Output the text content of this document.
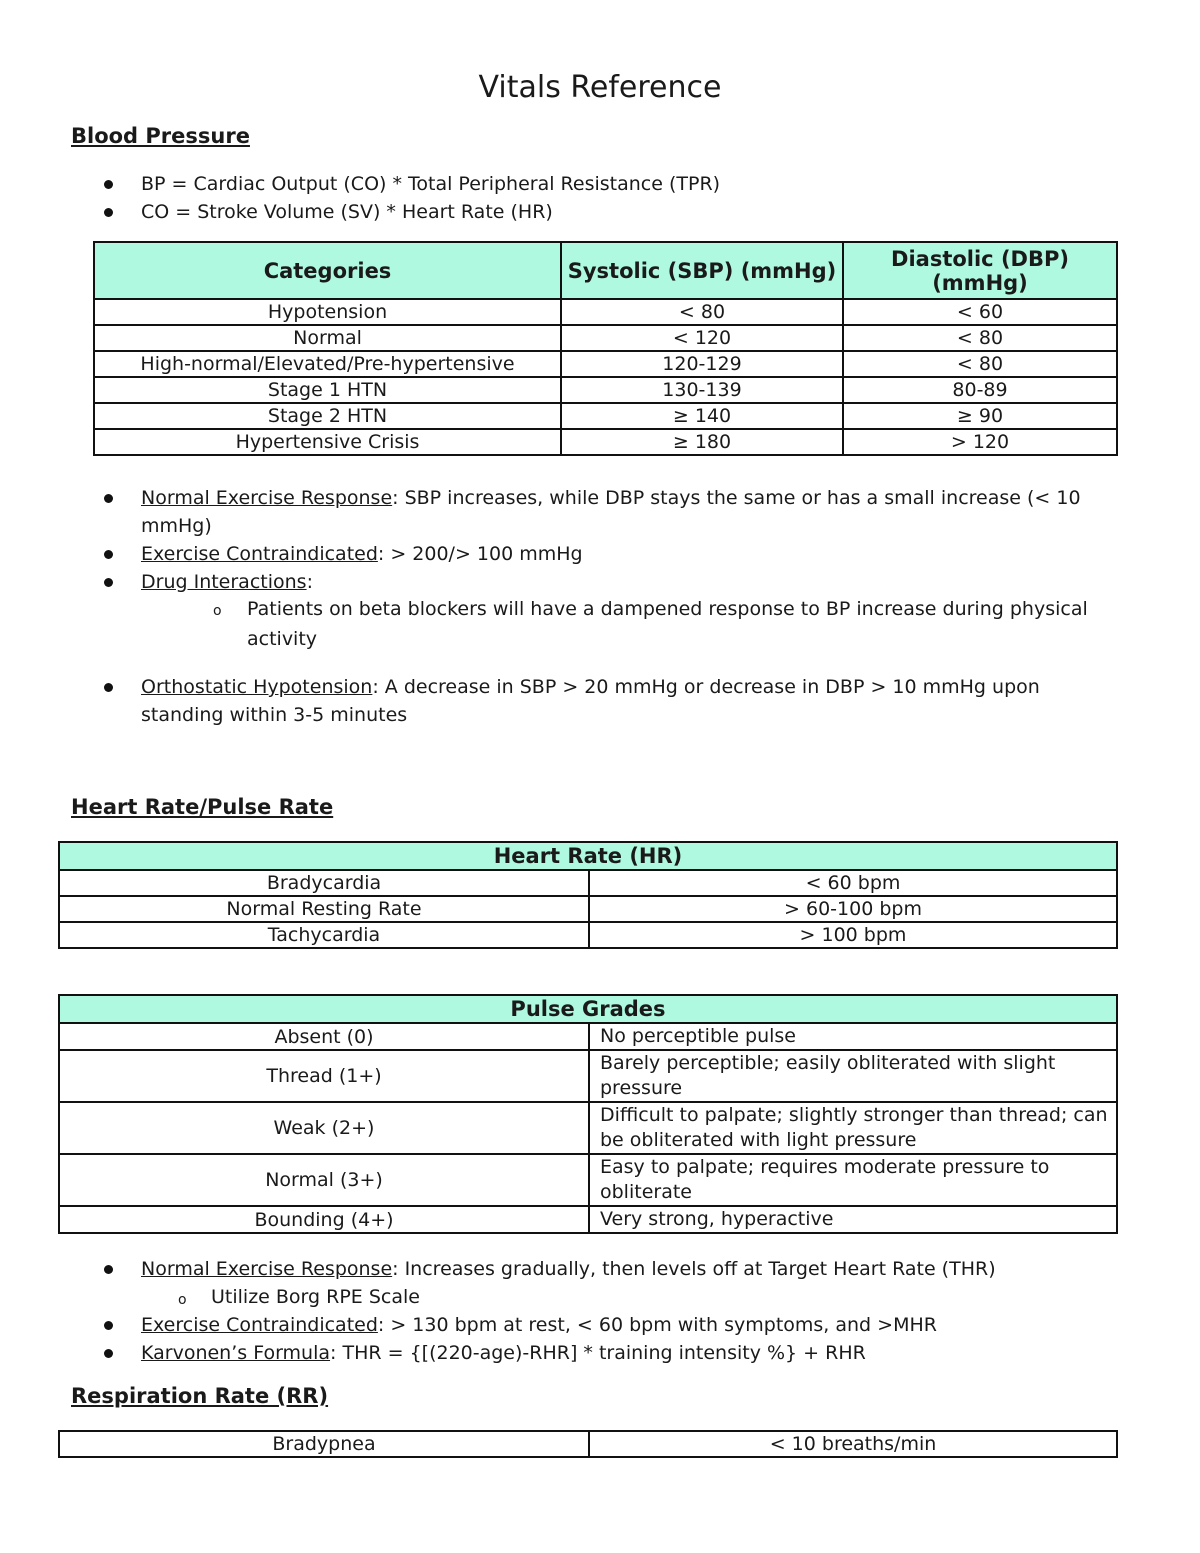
Vitals Reference
Blood Pressure
BP = Cardiac Output (CO) * Total Peripheral Resistance (TPR)
CO = Stroke Volume (SV) * Heart Rate (HR)
Categories	Systolic (SBP) (mmHg)	Diastolic (DBP) (mmHg)
Hypotension	< 80	< 60
Normal	< 120	< 80
High-normal/Elevated/Pre-hypertensive	120-129	< 80
Stage 1 HTN	130-139	80-89
Stage 2 HTN	≥ 140	≥ 90
Hypertensive Crisis	≥ 180	> 120
Normal Exercise Response: SBP increases, while DBP stays the same or has a small increase (< 10 mmHg)
Exercise Contraindicated: > 200/> 100 mmHg
Drug Interactions:
o Patients on beta blockers will have a dampened response to BP increase during physical activity
Orthostatic Hypotension: A decrease in SBP > 20 mmHg or decrease in DBP > 10 mmHg upon standing within 3-5 minutes
Heart Rate/Pulse Rate
Heart Rate (HR)	
Bradycardia	< 60 bpm
Normal Resting Rate	> 60-100 bpm
Tachycardia	> 100 bpm
Pulse Grades	
Absent (0)	No perceptible pulse
Thread (1+)	Barely perceptible; easily obliterated with slight pressure
Weak (2+)	Difficult to palpate; slightly stronger than thread; can be obliterated with light pressure
Normal (3+)	Easy to palpate; requires moderate pressure to obliterate
Bounding (4+)	Very strong, hyperactive
Normal Exercise Response: Increases gradually, then levels off at Target Heart Rate (THR)
o Utilize Borg RPE Scale
Exercise Contraindicated: > 130 bpm at rest, < 60 bpm with symptoms, and >MHR
Karvonen’s Formula: THR = {[(220-age)-RHR] * training intensity %} + RHR
Respiration Rate (RR)
Bradypnea	< 10 breaths/min
